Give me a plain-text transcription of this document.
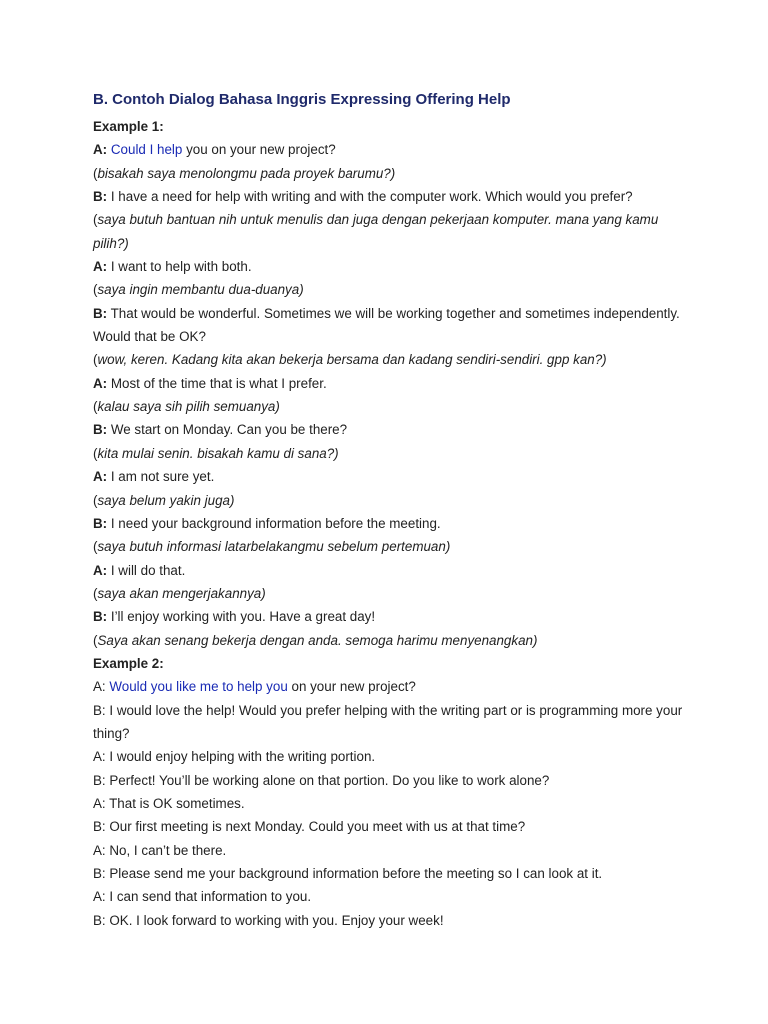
B. Contoh Dialog Bahasa Inggris Expressing Offering Help
Example 1:
A: Could I help you on your new project?
(bisakah saya menolongmu pada proyek barumu?)
B: I have a need for help with writing and with the computer work. Which would you prefer?
(saya butuh bantuan nih untuk menulis dan juga dengan pekerjaan komputer. mana yang kamu pilih?)
A: I want to help with both.
(saya ingin membantu dua-duanya)
B: That would be wonderful. Sometimes we will be working together and sometimes independently. Would that be OK?
(wow, keren. Kadang kita akan bekerja bersama dan kadang sendiri-sendiri. gpp kan?)
A: Most of the time that is what I prefer.
(kalau saya sih pilih semuanya)
B: We start on Monday. Can you be there?
(kita mulai senin. bisakah kamu di sana?)
A: I am not sure yet.
(saya belum yakin juga)
B: I need your background information before the meeting.
(saya butuh informasi latarbelakangmu sebelum pertemuan)
A: I will do that.
(saya akan mengerjakannya)
B: I’ll enjoy working with you. Have a great day!
(Saya akan senang bekerja dengan anda. semoga harimu menyenangkan)
Example 2:
A: Would you like me to help you on your new project?
B: I would love the help! Would you prefer helping with the writing part or is programming more your thing?
A: I would enjoy helping with the writing portion.
B: Perfect! You’ll be working alone on that portion. Do you like to work alone?
A: That is OK sometimes.
B: Our first meeting is next Monday. Could you meet with us at that time?
A: No, I can’t be there.
B: Please send me your background information before the meeting so I can look at it.
A: I can send that information to you.
B: OK. I look forward to working with you. Enjoy your week!
